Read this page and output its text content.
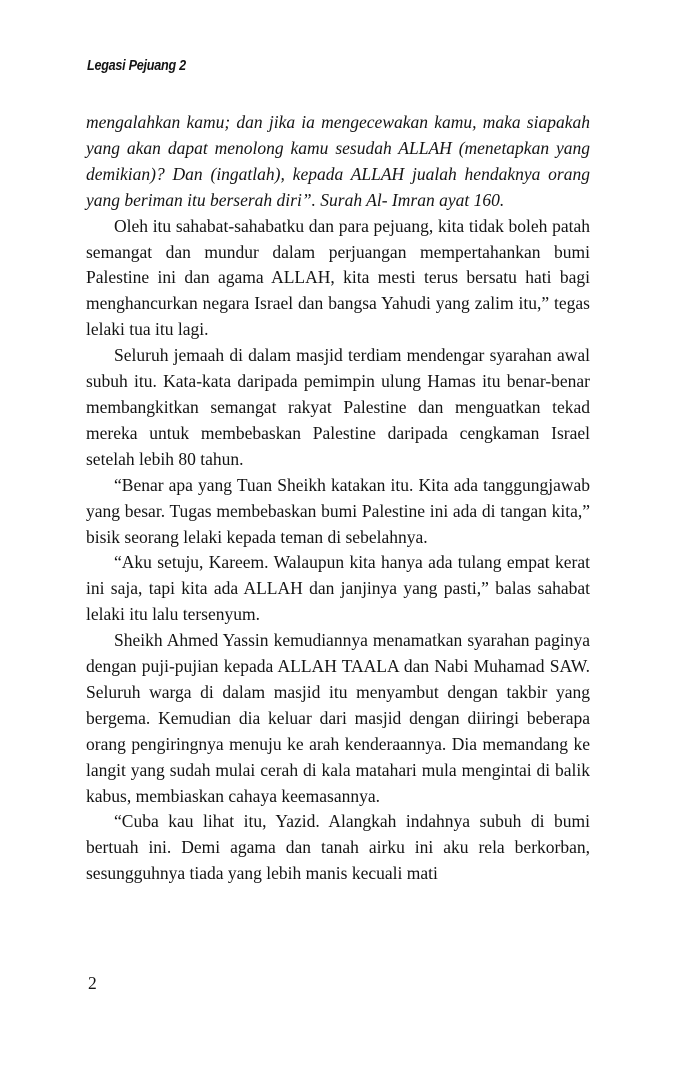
Legasi Pejuang 2

mengalahkan kamu; dan jika ia mengecewakan kamu, maka siapakah yang akan dapat menolong kamu sesudah ALLAH (menetapkan yang demikian)? Dan (ingatlah), kepada ALLAH jualah hendaknya orang yang beriman itu berserah diri”. Surah Al- Imran ayat 160.

Oleh itu sahabat-sahabatku dan para pejuang, kita tidak boleh patah semangat dan mundur dalam perjuangan mempertahankan bumi Palestine ini dan agama ALLAH, kita mesti terus bersatu hati bagi menghancurkan negara Israel dan bangsa Yahudi yang zalim itu,” tegas lelaki tua itu lagi.

Seluruh jemaah di dalam masjid terdiam mendengar syarahan awal subuh itu. Kata-kata daripada pemimpin ulung Hamas itu benar-benar membangkitkan semangat rakyat Palestine dan menguatkan tekad mereka untuk membebaskan Palestine daripada cengkaman Israel setelah lebih 80 tahun.

“Benar apa yang Tuan Sheikh katakan itu. Kita ada tanggungjawab yang besar. Tugas membebaskan bumi Palestine ini ada di tangan kita,” bisik seorang lelaki kepada teman di sebelahnya.

“Aku setuju, Kareem. Walaupun kita hanya ada tulang empat kerat ini saja, tapi kita ada ALLAH dan janjinya yang pasti,” balas sahabat lelaki itu lalu tersenyum.

Sheikh Ahmed Yassin kemudiannya menamatkan syarahan paginya dengan puji-pujian kepada ALLAH TAALA dan Nabi Muhamad SAW. Seluruh warga di dalam masjid itu menyambut dengan takbir yang bergema. Kemudian dia keluar dari masjid dengan diiringi beberapa orang pengiringnya menuju ke arah kenderaannya. Dia memandang ke langit yang sudah mulai cerah di kala matahari mula mengintai di balik kabus, membiaskan cahaya keemasannya.

“Cuba kau lihat itu, Yazid. Alangkah indahnya subuh di bumi bertuah ini. Demi agama dan tanah airku ini aku rela berkorban, sesungguhnya tiada yang lebih manis kecuali mati

2
